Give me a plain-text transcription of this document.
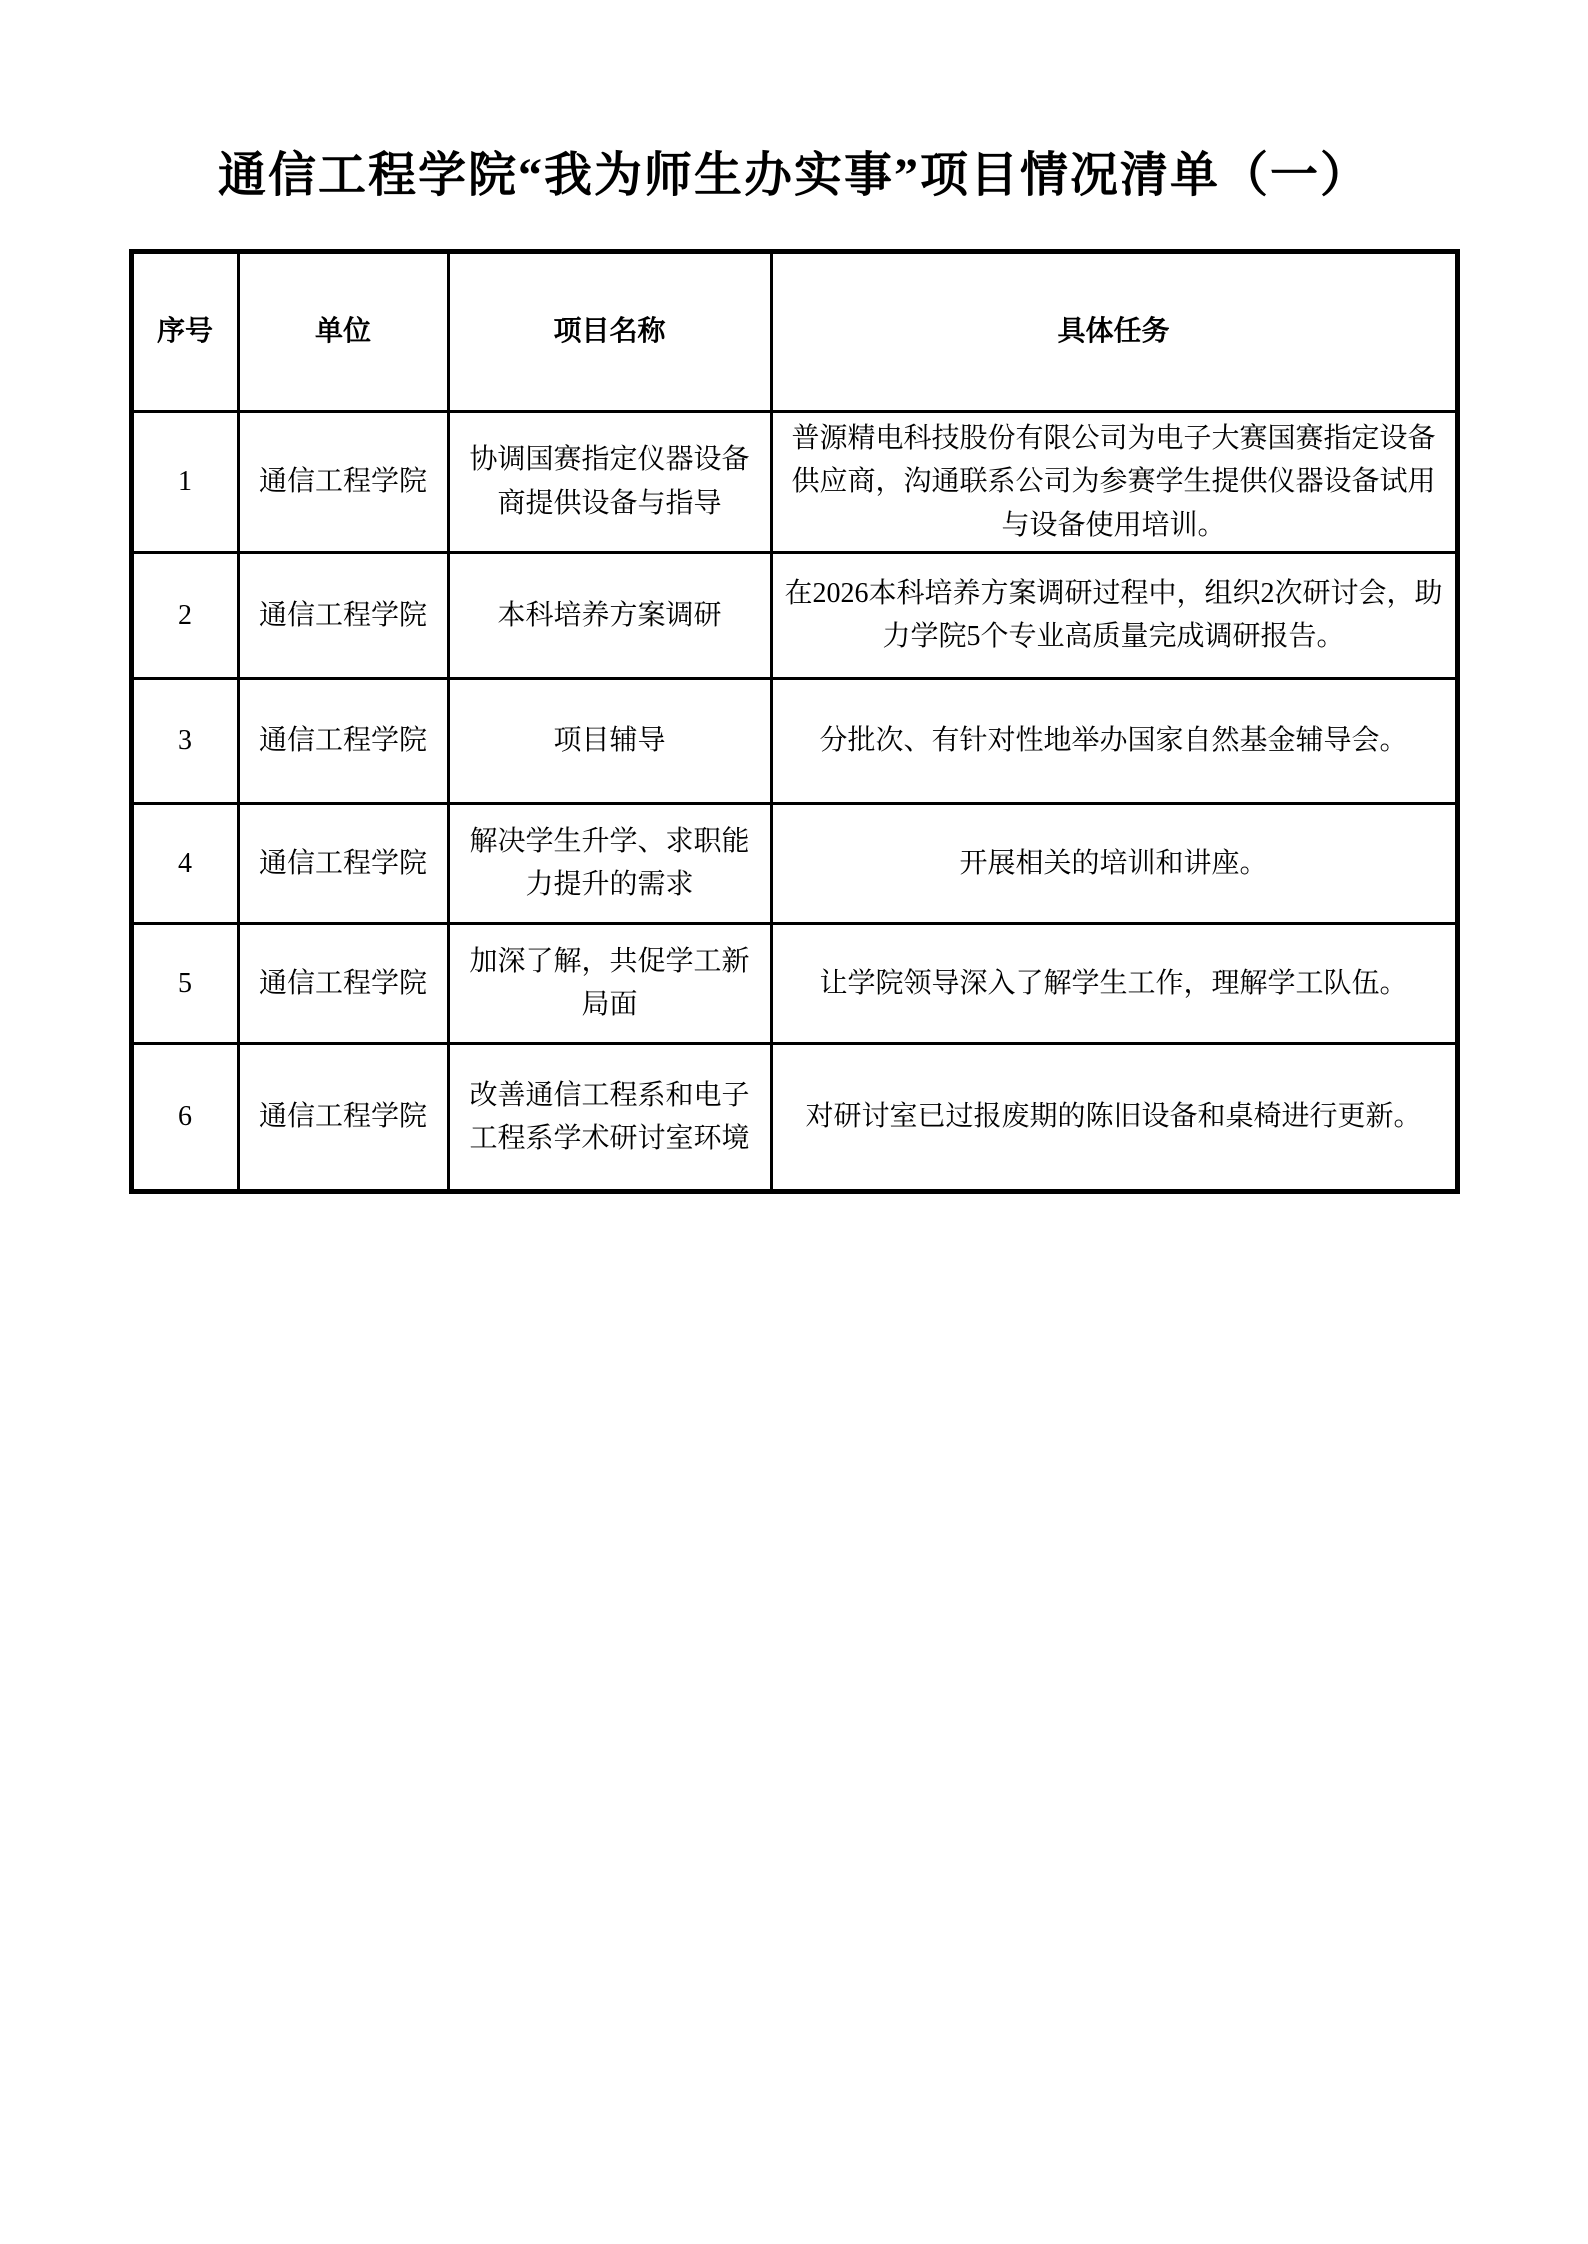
通信工程学院“我为师生办实事”项目情况清单（一）
序号	单位	项目名称	具体任务
1	通信工程学院	协调国赛指定仪器设备商提供设备与指导	普源精电科技股份有限公司为电子大赛国赛指定设备供应商，沟通联系公司为参赛学生提供仪器设备试用与设备使用培训。
2	通信工程学院	本科培养方案调研	在2026本科培养方案调研过程中，组织2次研讨会，助力学院5个专业高质量完成调研报告。
3	通信工程学院	项目辅导	分批次、有针对性地举办国家自然基金辅导会。
4	通信工程学院	解决学生升学、求职能力提升的需求	开展相关的培训和讲座。
5	通信工程学院	加深了解，共促学工新局面	让学院领导深入了解学生工作，理解学工队伍。
6	通信工程学院	改善通信工程系和电子工程系学术研讨室环境	对研讨室已过报废期的陈旧设备和桌椅进行更新。
